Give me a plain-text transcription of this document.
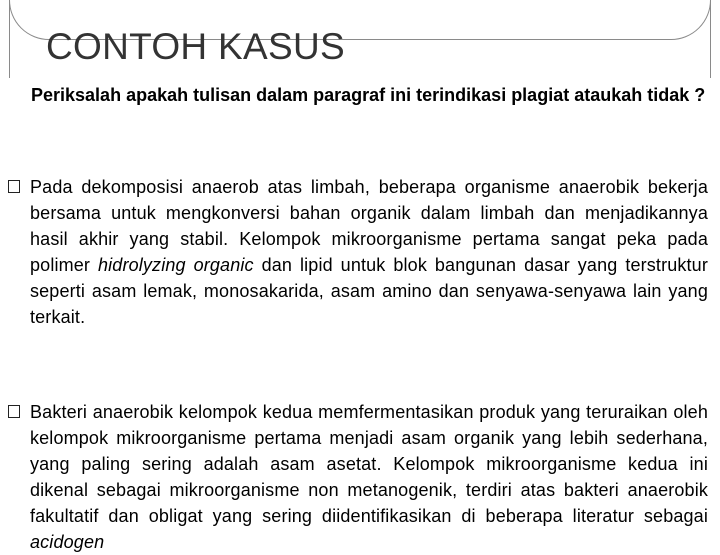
CONTOH KASUS

Periksalah apakah tulisan dalam paragraf ini terindikasi plagiat ataukah tidak ?

Pada dekomposisi anaerob atas limbah, beberapa organisme anaerobik bekerja bersama untuk mengkonversi bahan organik dalam limbah dan menjadikannya hasil akhir yang stabil. Kelompok mikroorganisme pertama sangat peka pada polimer hidrolyzing organic dan lipid untuk blok bangunan dasar yang terstruktur seperti asam lemak, monosakarida, asam amino dan senyawa-senyawa lain yang terkait.

Bakteri anaerobik kelompok kedua memfermentasikan produk yang teruraikan oleh kelompok mikroorganisme pertama menjadi asam organik yang lebih sederhana, yang paling sering adalah asam asetat. Kelompok mikroorganisme kedua ini dikenal sebagai mikroorganisme non metanogenik, terdiri atas bakteri anaerobik fakultatif dan obligat yang sering diidentifikasikan di beberapa literatur sebagai acidogen
